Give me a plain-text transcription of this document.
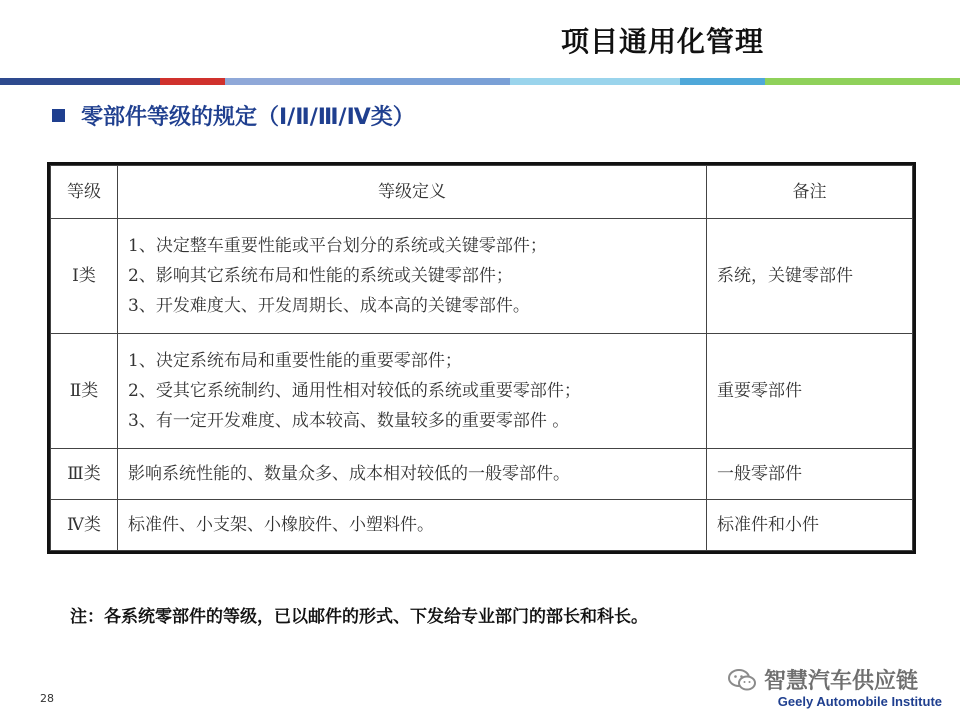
项目通用化管理
零部件等级的规定（Ⅰ/Ⅱ/Ⅲ/Ⅳ类）
等级	等级定义	备注
Ⅰ类	1、决定整车重要性能或平台划分的系统或关键零部件；
2、影响其它系统布局和性能的系统或关键零部件；
3、开发难度大、开发周期长、成本高的关键零部件。	系统，关键零部件
Ⅱ类	1、决定系统布局和重要性能的重要零部件；
2、受其它系统制约、通用性相对较低的系统或重要零部件；
3、有一定开发难度、成本较高、数量较多的重要零部件 。	重要零部件
Ⅲ类	影响系统性能的、数量众多、成本相对较低的一般零部件。	一般零部件
Ⅳ类	标准件、小支架、小橡胶件、小塑料件。	标准件和小件
注：各系统零部件的等级，已以邮件的形式、下发给专业部门的部长和科长。
28
智慧汽车供应链
Geely Automobile Institute
